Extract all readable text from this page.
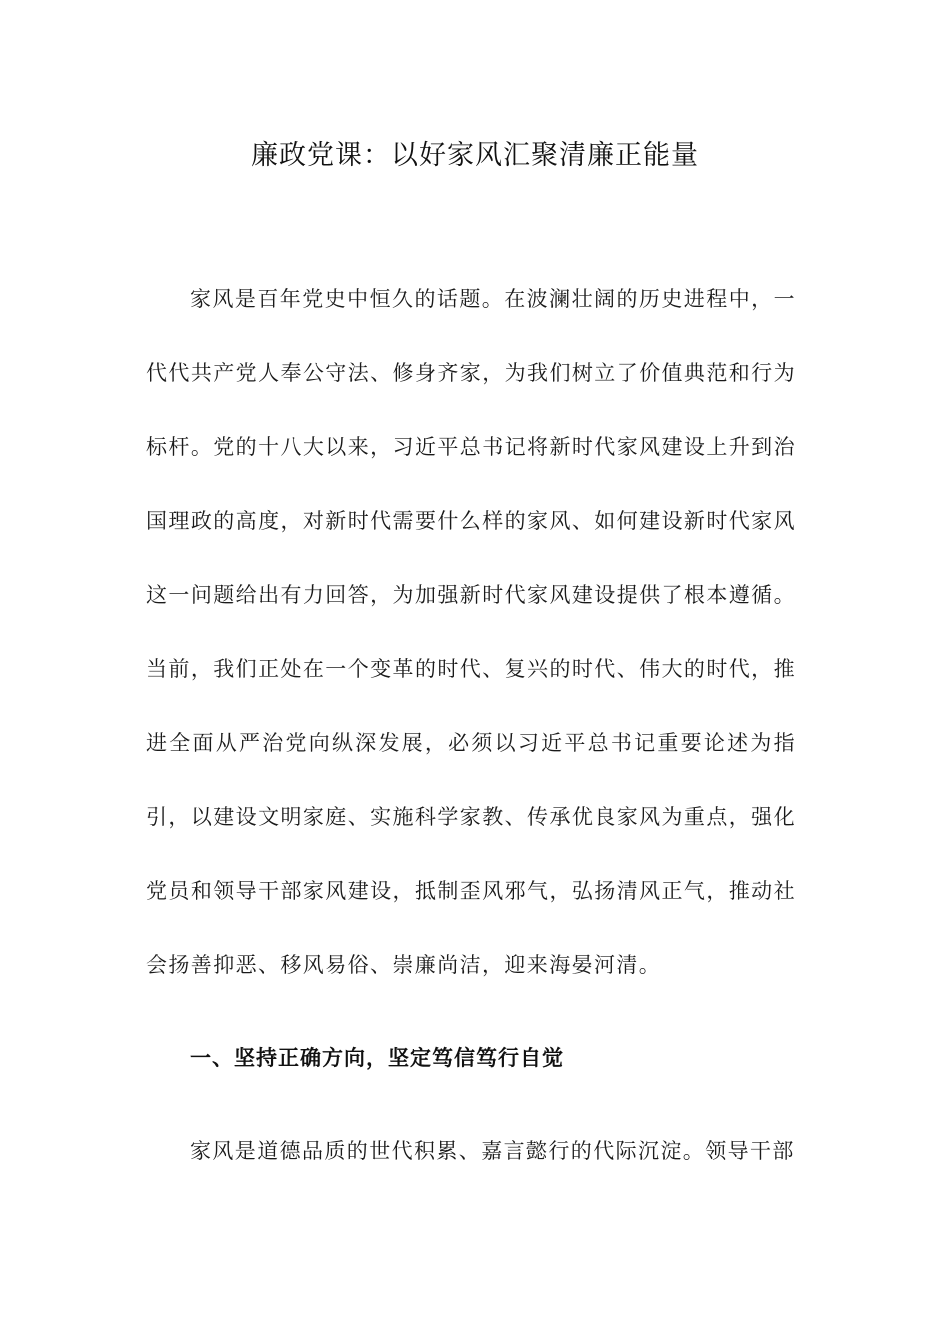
廉政党课：以好家风汇聚清廉正能量

家风是百年党史中恒久的话题。在波澜壮阔的历史进程中，一代代共产党人奉公守法、修身齐家，为我们树立了价值典范和行为标杆。党的十八大以来，习近平总书记将新时代家风建设上升到治国理政的高度，对新时代需要什么样的家风、如何建设新时代家风这一问题给出有力回答，为加强新时代家风建设提供了根本遵循。当前，我们正处在一个变革的时代、复兴的时代、伟大的时代，推进全面从严治党向纵深发展，必须以习近平总书记重要论述为指引，以建设文明家庭、实施科学家教、传承优良家风为重点，强化党员和领导干部家风建设，抵制歪风邪气，弘扬清风正气，推动社会扬善抑恶、移风易俗、崇廉尚洁，迎来海晏河清。

一、坚持正确方向，坚定笃信笃行自觉

家风是道德品质的世代积累、嘉言懿行的代际沉淀。领导干部
